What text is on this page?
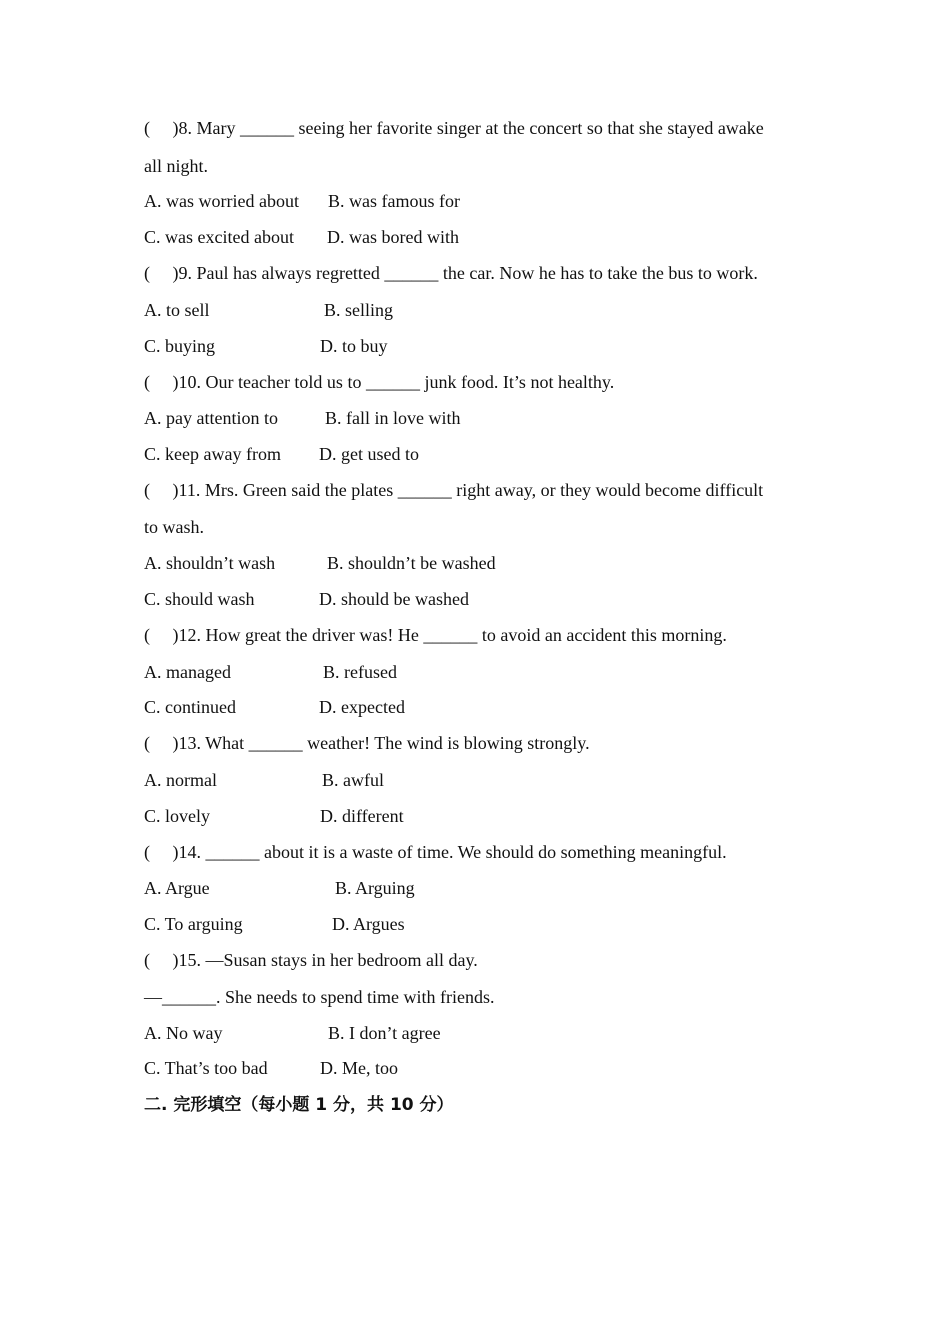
(     )8. Mary ______ seeing her favorite singer at the concert so that she stayed awake
all night.
A. was worried about B. was famous for
C. was excited about D. was bored with
(     )9. Paul has always regretted ______ the car. Now he has to take the bus to work.
A. to sell	B. selling
C. buying	D. to buy
(     )10. Our teacher told us to ______ junk food. It’s not healthy.
A. pay attention to	B. fall in love with
C. keep away from D. get used to
(     )11. Mrs. Green said the plates ______ right away, or they would become difficult
to wash.
A. shouldn’t wash	B. shouldn’t be washed
C. should wash	D. should be washed
(     )12. How great the driver was! He ______ to avoid an accident this morning.
A. managed	B. refused
C. continued	D. expected
(     )13. What ______ weather! The wind is blowing strongly.
A. normal	B. awful
C. lovely	D. different
(     )14. ______ about it is a waste of time. We should do something meaningful.
A. Argue	B. Arguing
C. To arguing	D. Argues
(     )15. —Susan stays in her bedroom all day.
—______. She needs to spend time with friends.
A. No way	B. I don’t agree
C. That’s too bad	D. Me, too
二. 完形填空（每小题 1 分，共 10 分）
